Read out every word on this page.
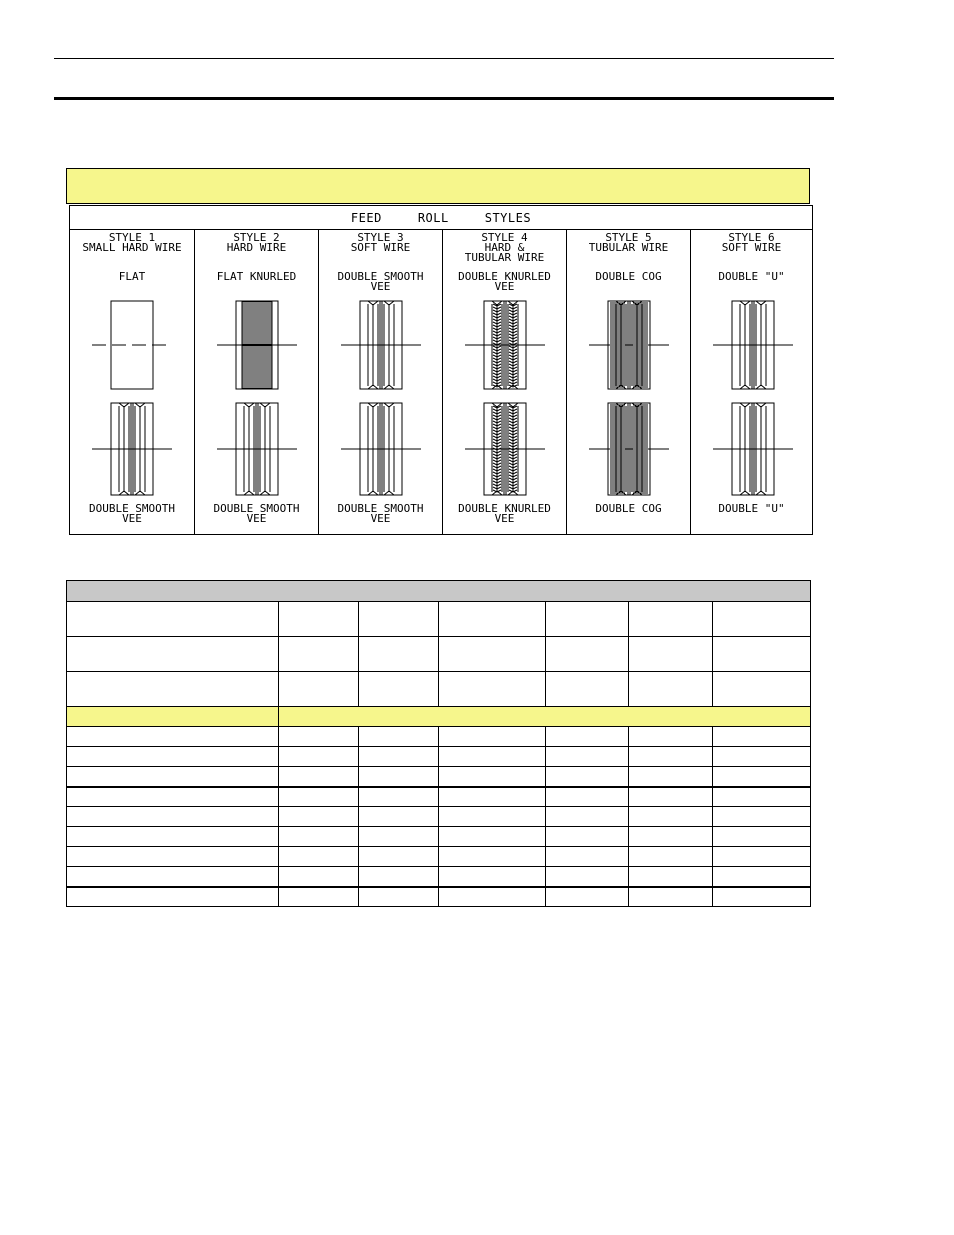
FEED	ROLL	STYLES
STYLE 1
SMALL HARD WIRE
FLAT
DOUBLE SMOOTH
VEE
STYLE 2
HARD WIRE
FLAT KNURLED
DOUBLE SMOOTH
VEE
STYLE 3
SOFT WIRE
DOUBLE SMOOTH
VEE
DOUBLE SMOOTH
VEE
STYLE 4
HARD &
TUBULAR WIRE
DOUBLE KNURLED
VEE
DOUBLE KNURLED
VEE
STYLE 5
TUBULAR WIRE
DOUBLE COG
DOUBLE COG
STYLE 6
SOFT WIRE
DOUBLE "U"
DOUBLE "U"
